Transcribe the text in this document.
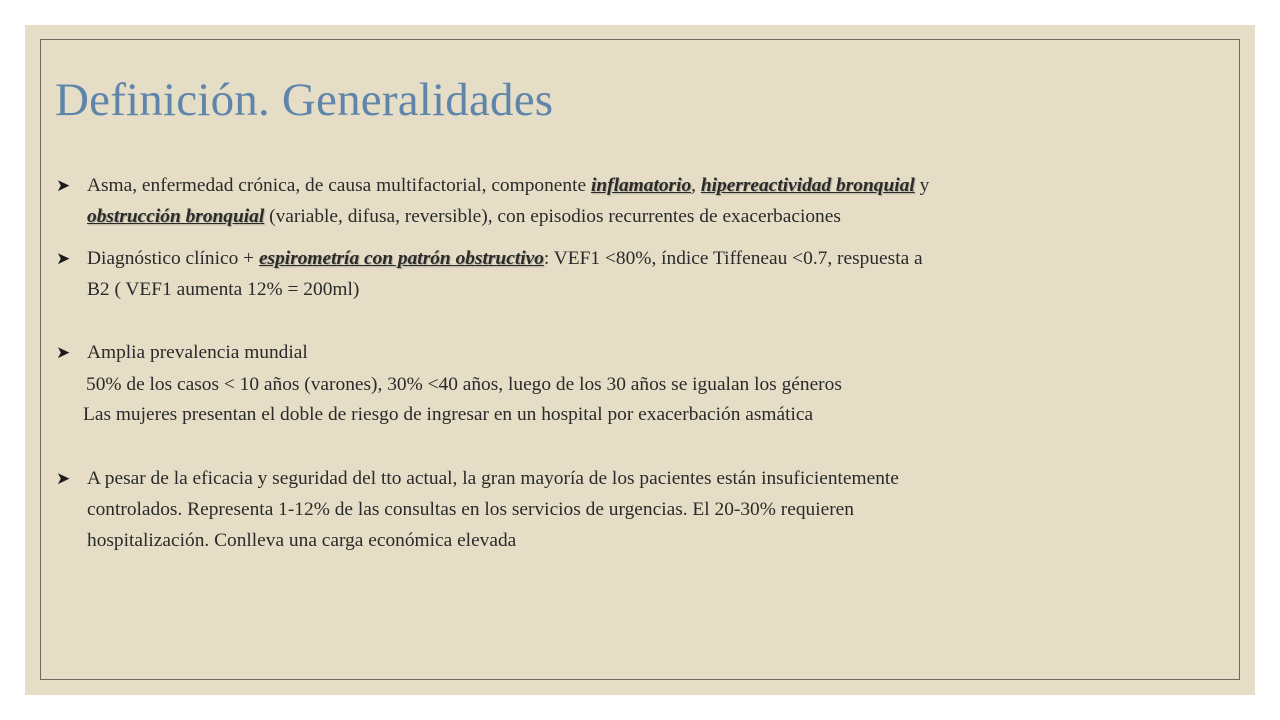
Definición. Generalidades
➤ Asma, enfermedad crónica, de causa multifactorial, componente inflamatorio, hiperreactividad bronquial y
obstrucción bronquial (variable, difusa, reversible), con episodios recurrentes de exacerbaciones
➤ Diagnóstico clínico + espirometría con patrón obstructivo: VEF1 <80%, índice Tiffeneau <0.7, respuesta a
B2 ( VEF1 aumenta 12% = 200ml)
➤ Amplia prevalencia mundial
50% de los casos < 10 años (varones), 30% <40 años, luego de los 30 años se igualan los géneros
Las mujeres presentan el doble de riesgo de ingresar en un hospital por exacerbación asmática
➤ A pesar de la eficacia y seguridad del tto actual, la gran mayoría de los pacientes están insuficientemente
controlados. Representa 1-12% de las consultas en los servicios de urgencias. El 20-30% requieren
hospitalización. Conlleva una carga económica elevada
